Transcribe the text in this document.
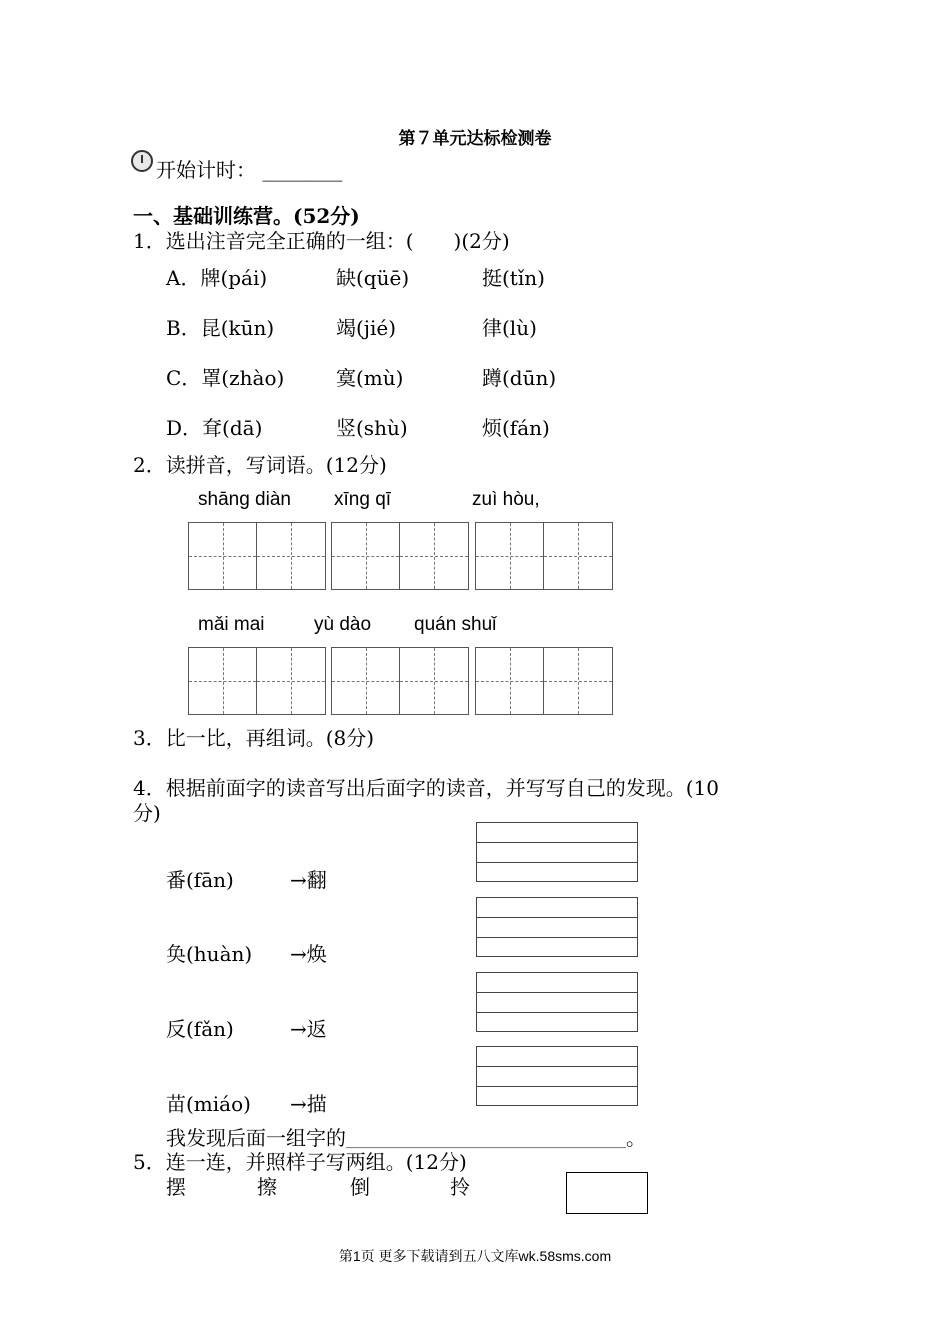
第７单元达标检测卷
开始计时： ________
一、基础训练营。(52分)
1．选出注音完全正确的一组：(　　)(2分)
A．牌(pái)	缺(qüē)	挺(tǐn)
B．昆(kūn)	竭(jié)	律(lù)
C．罩(zhào)	寞(mù)	蹲(dūn)
D．耷(dā)	竖(shù)	烦(fán)
2．读拼音，写词语。(12分)
shāng diàn xīng qī	zuì hòu,
mǎi mai	yù dào quán shuǐ
3．比一比，再组词。(8分)
4．根据前面字的读音写出后面字的读音，并写写自己的发现。(10
分)
番(fān)	→翻
奂(huàn) →焕
反(fǎn)	→返
苗(miáo) →描
我发现后面一组字的________________________________________。
5．连一连，并照样子写两组。(12分)
摆	擦	倒	拎
第1页 更多下载请到五八文库wk.58sms.com
